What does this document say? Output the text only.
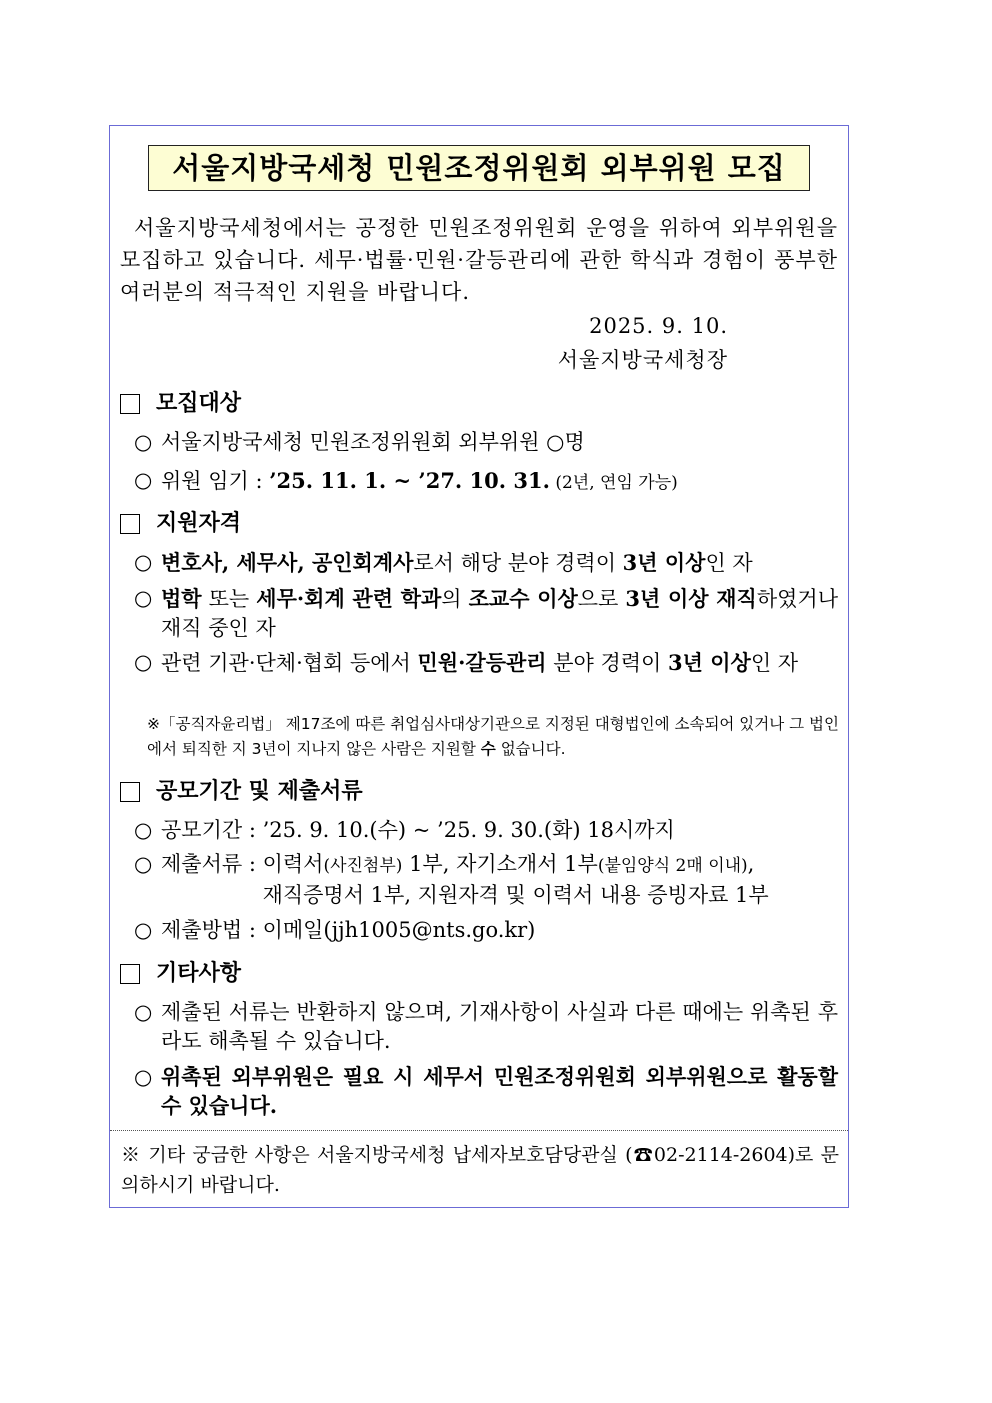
서울지방국세청 민원조정위원회 외부위원 모집
서울지방국세청에서는 공정한 민원조정위원회 운영을 위하여 외부위원을 모집하고 있습니다. 세무·법률·민원·갈등관리에 관한 학식과 경험이 풍부한 여러분의 적극적인 지원을 바랍니다.
2025. 9. 10.
서울지방국세청장
모집대상
○ 서울지방국세청 민원조정위원회 외부위원 ○명
○ 위원 임기 : ’25. 11. 1. ~ ’27. 10. 31. (2년, 연임 가능)
지원자격
○ 변호사, 세무사, 공인회계사로서 해당 분야 경력이 3년 이상인 자
○ 법학 또는 세무·회계 관련 학과의 조교수 이상으로 3년 이상 재직하였거나 재직 중인 자
○ 관련 기관·단체·협회 등에서 민원·갈등관리 분야 경력이 3년 이상인 자
※「공직자윤리법」 제17조에 따른 취업심사대상기관으로 지정된 대형법인에 소속되어 있거나 그 법인에서 퇴직한 지 3년이 지나지 않은 사람은 지원할 수 없습니다.
공모기간 및 제출서류
○ 공모기간 : ’25. 9. 10.(수) ~ ’25. 9. 30.(화) 18시까지
○ 제출서류 : 이력서(사진첨부) 1부, 자기소개서 1부(붙임양식 2매 이내),
재직증명서 1부, 지원자격 및 이력서 내용 증빙자료 1부
○ 제출방법 : 이메일(jjh1005@nts.go.kr)
기타사항
○ 제출된 서류는 반환하지 않으며, 기재사항이 사실과 다른 때에는 위촉된 후라도 해촉될 수 있습니다.
○ 위촉된 외부위원은 필요 시 세무서 민원조정위원회 외부위원으로 활동할 수 있습니다.
※ 기타 궁금한 사항은 서울지방국세청 납세자보호담당관실 (☎02-2114-2604)로 문의하시기 바랍니다.
